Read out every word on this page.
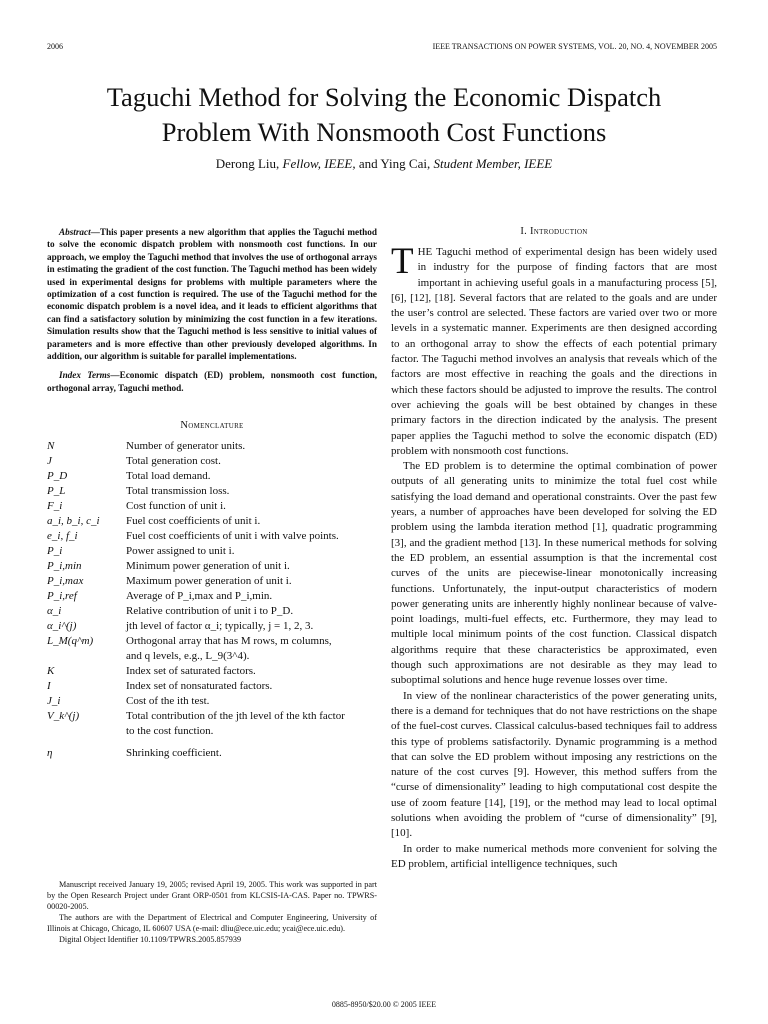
2006	IEEE TRANSACTIONS ON POWER SYSTEMS, VOL. 20, NO. 4, NOVEMBER 2005
Taguchi Method for Solving the Economic Dispatch
Problem With Nonsmooth Cost Functions
Derong Liu, Fellow, IEEE, and Ying Cai, Student Member, IEEE

Abstract—This paper presents a new algorithm that applies the Taguchi method to solve the economic dispatch problem with nonsmooth cost functions. In our approach, we employ the Taguchi method that involves the use of orthogonal arrays in estimating the gradient of the cost function. The Taguchi method has been widely used in experimental designs for problems with multiple parameters where the optimization of a cost function is required. The use of the Taguchi method for the economic dispatch problem is a novel idea, and it leads to efficient algorithms that can find a satisfactory solution by minimizing the cost function in a few iterations. Simulation results show that the Taguchi method is less sensitive to initial values of parameters and is more effective than other previously developed algorithms. In addition, our algorithm is suitable for parallel implementations.

Index Terms—Economic dispatch (ED) problem, nonsmooth cost function, orthogonal array, Taguchi method.

Nomenclature
N	Number of generator units.
J	Total generation cost.
P_D	Total load demand.
P_L	Total transmission loss.
F_i	Cost function of unit i.
a_i, b_i, c_i	Fuel cost coefficients of unit i.
e_i, f_i	Fuel cost coefficients of unit i with valve points.
P_i	Power assigned to unit i.
P_i,min	Minimum power generation of unit i.
P_i,max	Maximum power generation of unit i.
P_i,ref	Average of P_i,max and P_i,min.
α_i	Relative contribution of unit i to P_D.
α_i^(j)	jth level of factor α_i; typically, j = 1, 2, 3.
L_M(q^m)	Orthogonal array that has M rows, m columns,
and q levels, e.g., L_9(3^4).
K	Index set of saturated factors.
I	Index set of nonsaturated factors.
J_i	Cost of the ith test.
V_k^(j)	Total contribution of the jth level of the kth factor
to the cost function.
η	Shrinking coefficient.

Manuscript received January 19, 2005; revised April 19, 2005. This work was supported in part by the Open Research Project under Grant ORP-0501 from KLCSIS-IA-CAS. Paper no. TPWRS-00020-2005.

The authors are with the Department of Electrical and Computer Engineering, University of Illinois at Chicago, Chicago, IL 60607 USA (e-mail: dliu@ece.uic.edu; ycai@ece.uic.edu).

Digital Object Identifier 10.1109/TPWRS.2005.857939

I. Introduction

THE Taguchi method of experimental design has been widely used in industry for the purpose of finding factors that are most important in achieving useful goals in a manufacturing process [5], [6], [12], [18]. Several factors that are related to the goals and are under the user’s control are selected. These factors are varied over two or more levels in a systematic manner. Experiments are then designed according to an orthogonal array to show the effects of each potential primary factor. The Taguchi method involves an analysis that reveals which of the factors are most effective in reaching the goals and the directions in which these factors should be adjusted to improve the results. The control over achieving the goals will be best obtained by changes in these primary factors in the direction indicated by the analysis. The present paper applies the Taguchi method to solve the economic dispatch (ED) problem with nonsmooth cost functions.

The ED problem is to determine the optimal combination of power outputs of all generating units to minimize the total fuel cost while satisfying the load demand and operational constraints. Over the past few years, a number of approaches have been developed for solving the ED problem using the lambda iteration method [1], quadratic programming [3], and the gradient method [13]. In these numerical methods for solving the ED problem, an essential assumption is that the incremental cost curves of the units are piecewise-linear monotonically increasing functions. Unfortunately, the input-output characteristics of modern power generating units are inherently highly nonlinear because of valve-point loadings, multi-fuel effects, etc. Furthermore, they may lead to multiple local minimum points of the cost function. Classical dispatch algorithms require that these characteristics be approximated, even though such approximations are not desirable as they may lead to suboptimal solutions and hence huge revenue losses over time.

In view of the nonlinear characteristics of the power generating units, there is a demand for techniques that do not have restrictions on the shape of the fuel-cost curves. Classical calculus-based techniques fail to address this type of problems satisfactorily. Dynamic programming is a method that can solve the ED problem without imposing any restrictions on the nature of the cost curves [9]. However, this method suffers from the “curse of dimensionality” leading to high computational cost despite the use of zoom feature [14], [19], or the method may lead to local optimal solutions when avoiding the problem of “curse of dimensionality” [9], [10].

In order to make numerical methods more convenient for solving the ED problem, artificial intelligence techniques, such

0885-8950/$20.00 © 2005 IEEE
